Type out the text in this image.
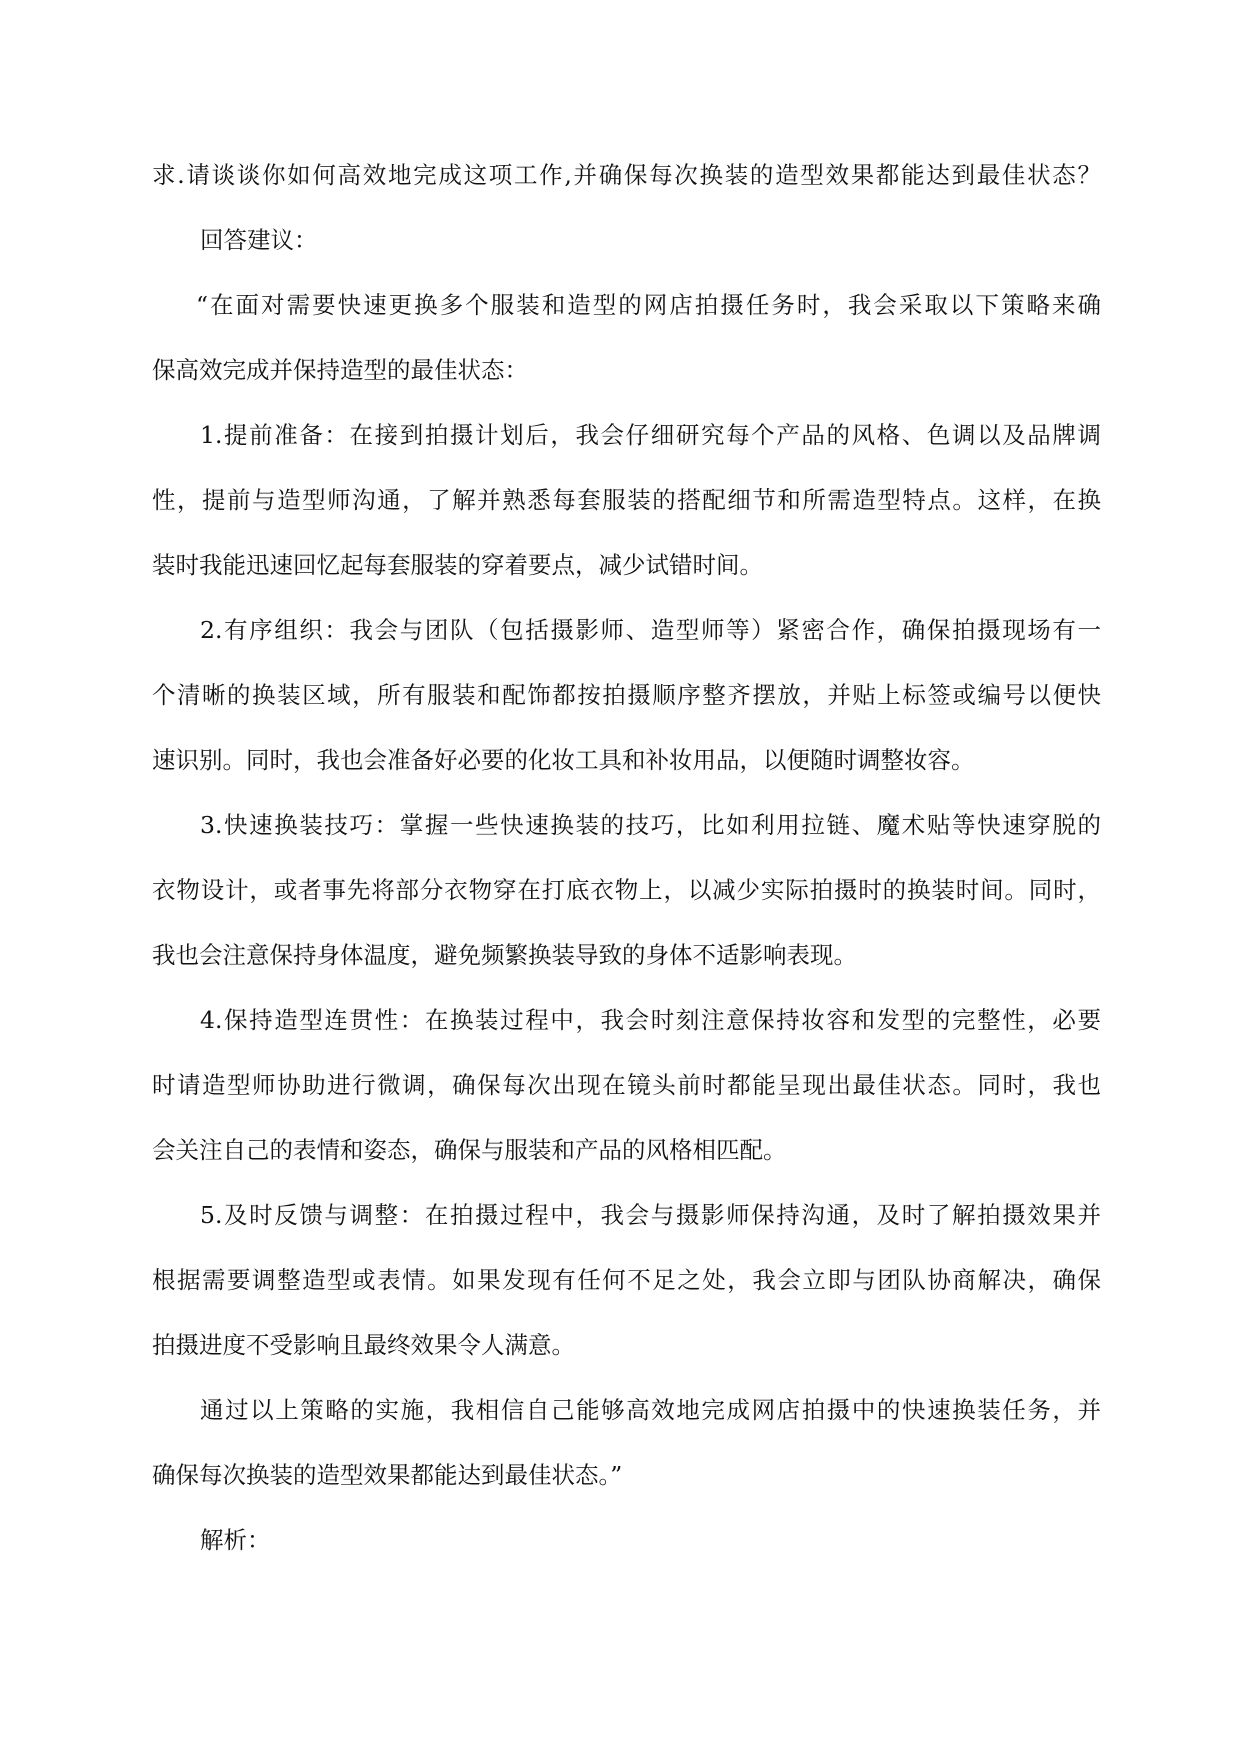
求.请谈谈你如何高效地完成这项工作,并确保每次换装的造型效果都能达到最佳状态？
回答建议：
“在面对需要快速更换多个服装和造型的网店拍摄任务时，我会采取以下策略来确
保高效完成并保持造型的最佳状态：
1.提前准备：在接到拍摄计划后，我会仔细研究每个产品的风格、色调以及品牌调
性，提前与造型师沟通，了解并熟悉每套服装的搭配细节和所需造型特点。这样，在换
装时我能迅速回忆起每套服装的穿着要点，减少试错时间。
2.有序组织：我会与团队（包括摄影师、造型师等）紧密合作，确保拍摄现场有一
个清晰的换装区域，所有服装和配饰都按拍摄顺序整齐摆放，并贴上标签或编号以便快
速识别。同时，我也会准备好必要的化妆工具和补妆用品，以便随时调整妆容。
3.快速换装技巧：掌握一些快速换装的技巧，比如利用拉链、魔术贴等快速穿脱的
衣物设计，或者事先将部分衣物穿在打底衣物上，以减少实际拍摄时的换装时间。同时，
我也会注意保持身体温度，避免频繁换装导致的身体不适影响表现。
4.保持造型连贯性：在换装过程中，我会时刻注意保持妆容和发型的完整性，必要
时请造型师协助进行微调，确保每次出现在镜头前时都能呈现出最佳状态。同时，我也
会关注自己的表情和姿态，确保与服装和产品的风格相匹配。
5.及时反馈与调整：在拍摄过程中，我会与摄影师保持沟通，及时了解拍摄效果并
根据需要调整造型或表情。如果发现有任何不足之处，我会立即与团队协商解决，确保
拍摄进度不受影响且最终效果令人满意。
通过以上策略的实施，我相信自己能够高效地完成网店拍摄中的快速换装任务，并
确保每次换装的造型效果都能达到最佳状态。”
解析：
